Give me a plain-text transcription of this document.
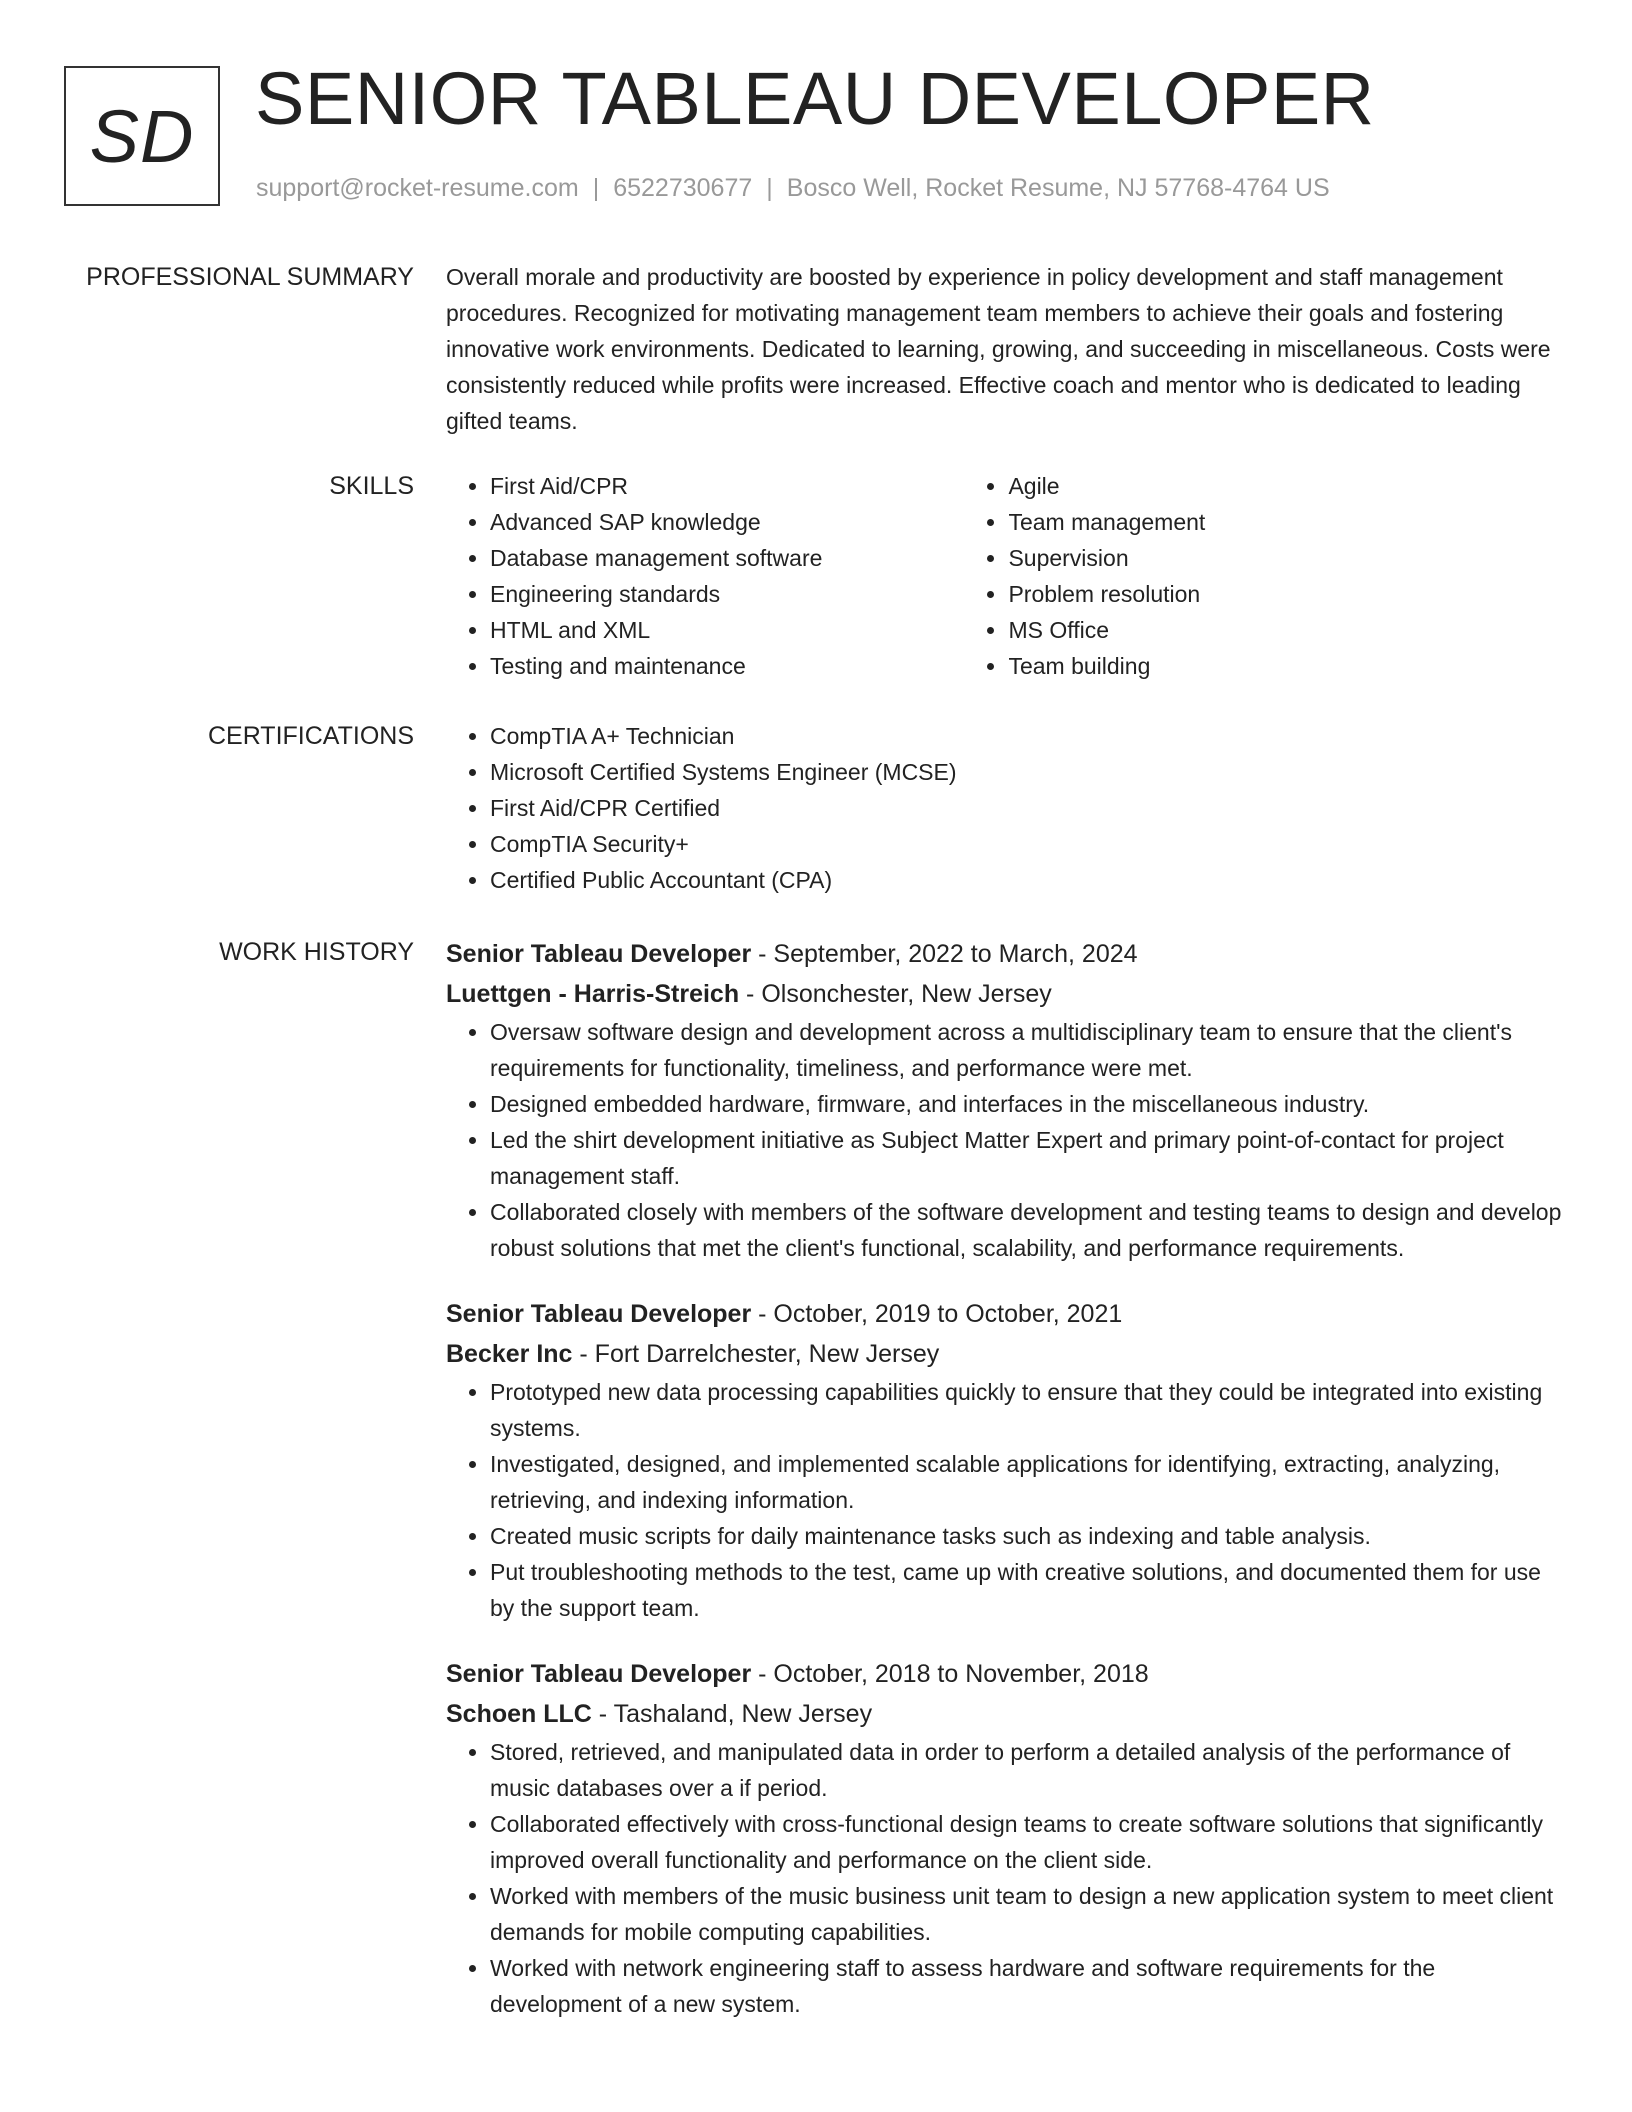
SD SENIOR TABLEAU DEVELOPER
support@rocket-resume.com | 6522730677 | Bosco Well, Rocket Resume, NJ 57768-4764 US
PROFESSIONAL SUMMARY Overall morale and productivity are boosted by experience in policy development and staff management procedures. Recognized for motivating management team members to achieve their goals and fostering innovative work environments. Dedicated to learning, growing, and succeeding in miscellaneous. Costs were consistently reduced while profits were increased. Effective coach and mentor who is dedicated to leading gifted teams.

SKILLS	• First Aid/CPR
• Advanced SAP knowledge
• Database management software
• Engineering standards
• HTML and XML
• Testing and maintenance
• Agile
• Team management
• Supervision
• Problem resolution
• MS Office
• Team building
CERTIFICATIONS	• CompTIA A+ Technician
• Microsoft Certified Systems Engineer (MCSE)
• First Aid/CPR Certified
• CompTIA Security+
• Certified Public Accountant (CPA)
WORK HISTORY Senior Tableau Developer - September, 2022 to March, 2024
Luettgen - Harris-Streich - Olsonchester, New Jersey
• Oversaw software design and development across a multidisciplinary team to ensure that the client's requirements for functionality, timeliness, and performance were met.
• Designed embedded hardware, firmware, and interfaces in the miscellaneous industry.
• Led the shirt development initiative as Subject Matter Expert and primary point-of-contact for project management staff.
• Collaborated closely with members of the software development and testing teams to design and develop robust solutions that met the client's functional, scalability, and performance requirements.
Senior Tableau Developer - October, 2019 to October, 2021
Becker Inc - Fort Darrelchester, New Jersey
• Prototyped new data processing capabilities quickly to ensure that they could be integrated into existing systems.
• Investigated, designed, and implemented scalable applications for identifying, extracting, analyzing, retrieving, and indexing information.
• Created music scripts for daily maintenance tasks such as indexing and table analysis.
• Put troubleshooting methods to the test, came up with creative solutions, and documented them for use by the support team.
Senior Tableau Developer - October, 2018 to November, 2018
Schoen LLC - Tashaland, New Jersey
• Stored, retrieved, and manipulated data in order to perform a detailed analysis of the performance of music databases over a if period.
• Collaborated effectively with cross-functional design teams to create software solutions that significantly improved overall functionality and performance on the client side.
• Worked with members of the music business unit team to design a new application system to meet client demands for mobile computing capabilities.
• Worked with network engineering staff to assess hardware and software requirements for the development of a new system.
